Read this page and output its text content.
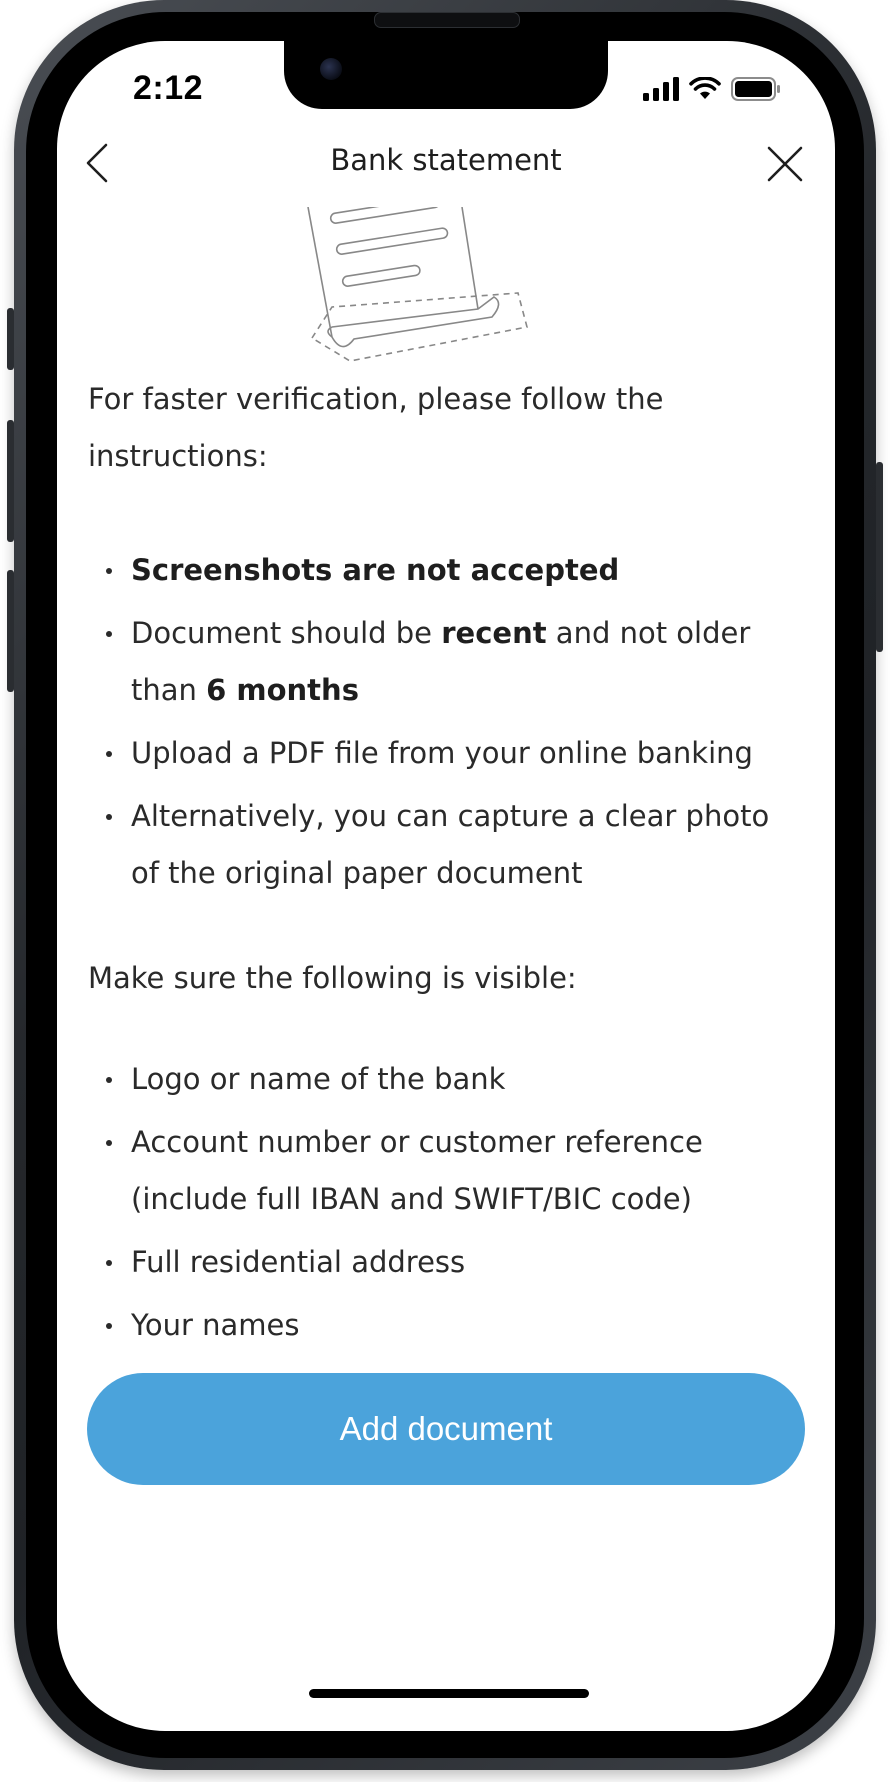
2:12
Bank statement

For faster verification, please follow the instructions:

Screenshots are not accepted
Document should be recent and not older than 6 months
Upload a PDF file from your online banking
Alternatively, you can capture a clear photo of the original paper document

Make sure the following is visible:

Logo or name of the bank
Account number or customer reference (include full IBAN and SWIFT/BIC code)
Full residential address
Your names
Add document
